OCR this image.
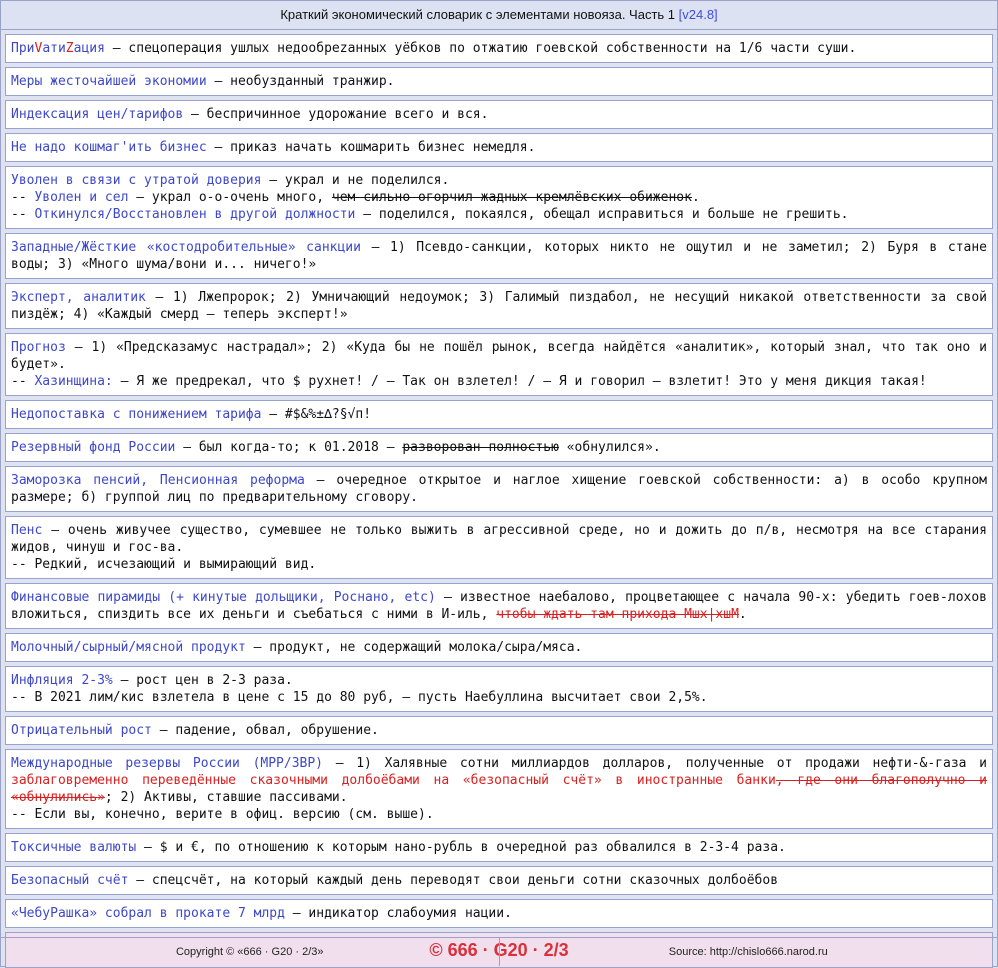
Краткий экономический словарик с элементами новояза. Часть 1 [v24.8]
ПриVатиZация — спецоперация ушлых недообреzанных уёбков по отжатию гоевской собственности на 1/6 части суши.
Меры жесточайшей экономии — необузданный транжир.
Индексация цен/тарифов — беспричинное удорожание всего и вся.
Не надо кошмаг'ить бизнес — приказ начать кошмарить бизнес немедля.
Уволен в связи с утратой доверия — украл и не поделился.
-- Уволен и сел — украл о-о-очень много, чем сильно огорчил жадных кремлёвских обиженок.
-- Откинулся/Восстановлен в другой должности — поделился, покаялся, обещал исправиться и больше не грешить.
Западные/Жёсткие «костодробительные» санкции — 1) Псевдо-санкции, которых никто не ощутил и не заметил; 2) Буря в стане воды; 3) «Много шума/вони и... ничего!»
Эксперт, аналитик — 1) Лжепророк; 2) Умничающий недоумок; 3) Галимый пиздабол, не несущий никакой ответственности за свой пиздёж; 4) «Каждый смерд — теперь эксперт!»
Прогноз — 1) «Предсказамус настрадал»; 2) «Куда бы не пошёл рынок, всегда найдётся «аналитик», который знал, что так оно и будет».
-- Хазинщина: — Я же предрекал, что $ рухнет! / — Так он взлетел! / — Я и говорил — взлетит! Это у меня дикция такая!
Недопоставка с понижением тарифа — #$&%±∆?§√п!
Резервный фонд России — был когда-то; к 01.2018 — разворован полностью «обнулился».
Заморозка пенсий, Пенсионная реформа — очередное открытое и наглое хищение гоевской собственности: а) в особо крупном размере; б) группой лиц по предварительному сговору.
Пенс — очень живучее существо, сумевшее не только выжить в агрессивной среде, но и дожить до п/в, несмотря на все старания жидов, чинуш и гос-ва.
-- Редкий, исчезающий и вымирающий вид.
Финансовые пирамиды (+ кинутые дольщики, Роснано, etc) — известное наебалово, процветающее с начала 90-х: убедить гоев-лохов вложиться, спиздить все их деньги и съебаться с ними в И-иль, чтобы ждать там прихода Мшх|хшМ.
Молочный/сырный/мясной продукт — продукт, не содержащий молока/сыра/мяса.
Инфляция 2-3% — рост цен в 2-3 раза.
-- В 2021 лим/кис взлетела в цене с 15 до 80 руб, — пусть Наебуллина высчитает свои 2,5%.
Отрицательный рост — падение, обвал, обрушение.
Международные резервы России (МРР/ЗВР) — 1) Халявные сотни миллиардов долларов, полученные от продажи нефти-&-газа и заблаговременно переведённые сказочными долбоёбами на «безопасный счёт» в иностранные банки, где они благополучно и «обнулились»; 2) Активы, ставшие пассивами.
-- Если вы, конечно, верите в офиц. версию (см. выше).
Токсичные валюты — $ и €, по отношению к которым нано-рубль в очередной раз обвалился в 2-3-4 раза.
Безопасный счёт — спецсчёт, на который каждый день переводят свои деньги сотни сказочных долбоёбов
«ЧебуРашка» собрал в прокате 7 млрд — индикатор слабоумия нации.
© 666 · G20 · 2/3
Copyright © «666 · G20 · 2/3»	Source: http://chislo666.narod.ru
